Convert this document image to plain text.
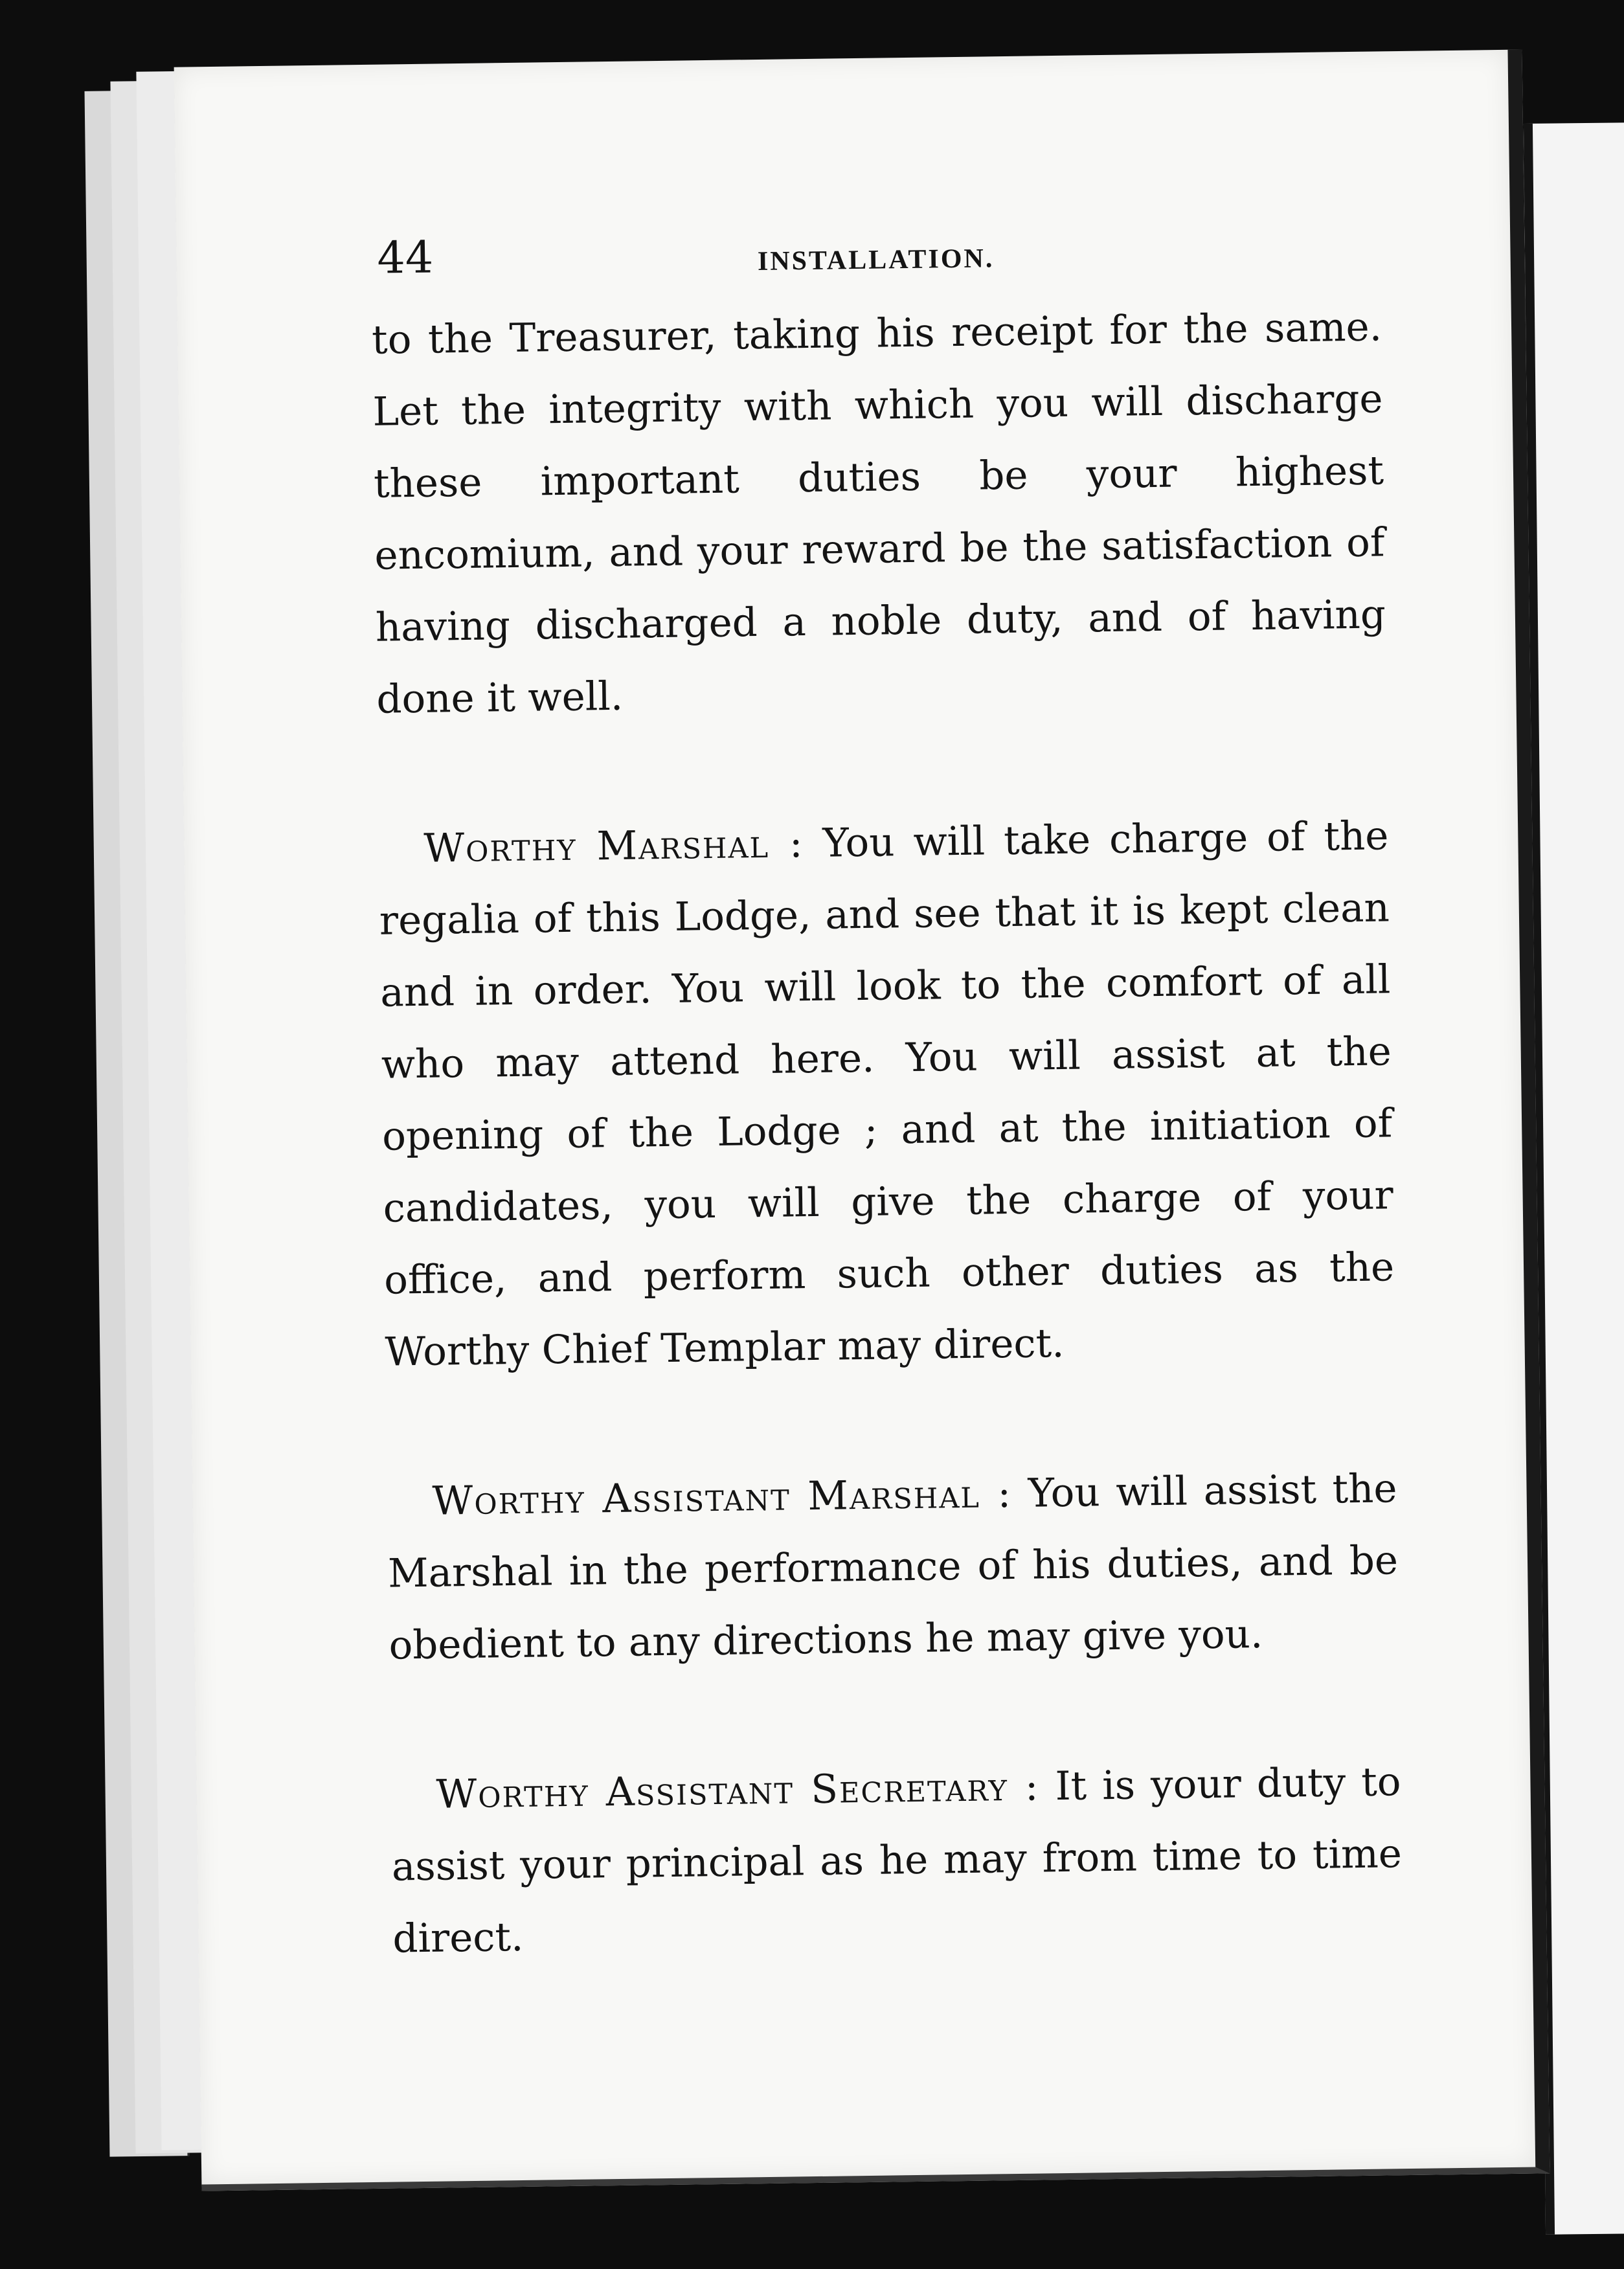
44	INSTALLATION.

to the Treasurer, taking his receipt for the same. Let the integrity with which you will discharge these important duties be your highest encomium, and your reward be the satisfaction of having discharged a noble duty, and of having done it well.

Worthy Marshal : You will take charge of the regalia of this Lodge, and see that it is kept clean and in order. You will look to the comfort of all who may attend here. You will assist at the opening of the Lodge ; and at the initiation of candidates, you will give the charge of your office, and perform such other duties as the Worthy Chief Templar may direct.

Worthy Assistant Marshal : You will assist the Marshal in the performance of his duties, and be obedient to any directions he may give you.

Worthy Assistant Secretary : It is your duty to assist your principal as he may from time to time direct.
